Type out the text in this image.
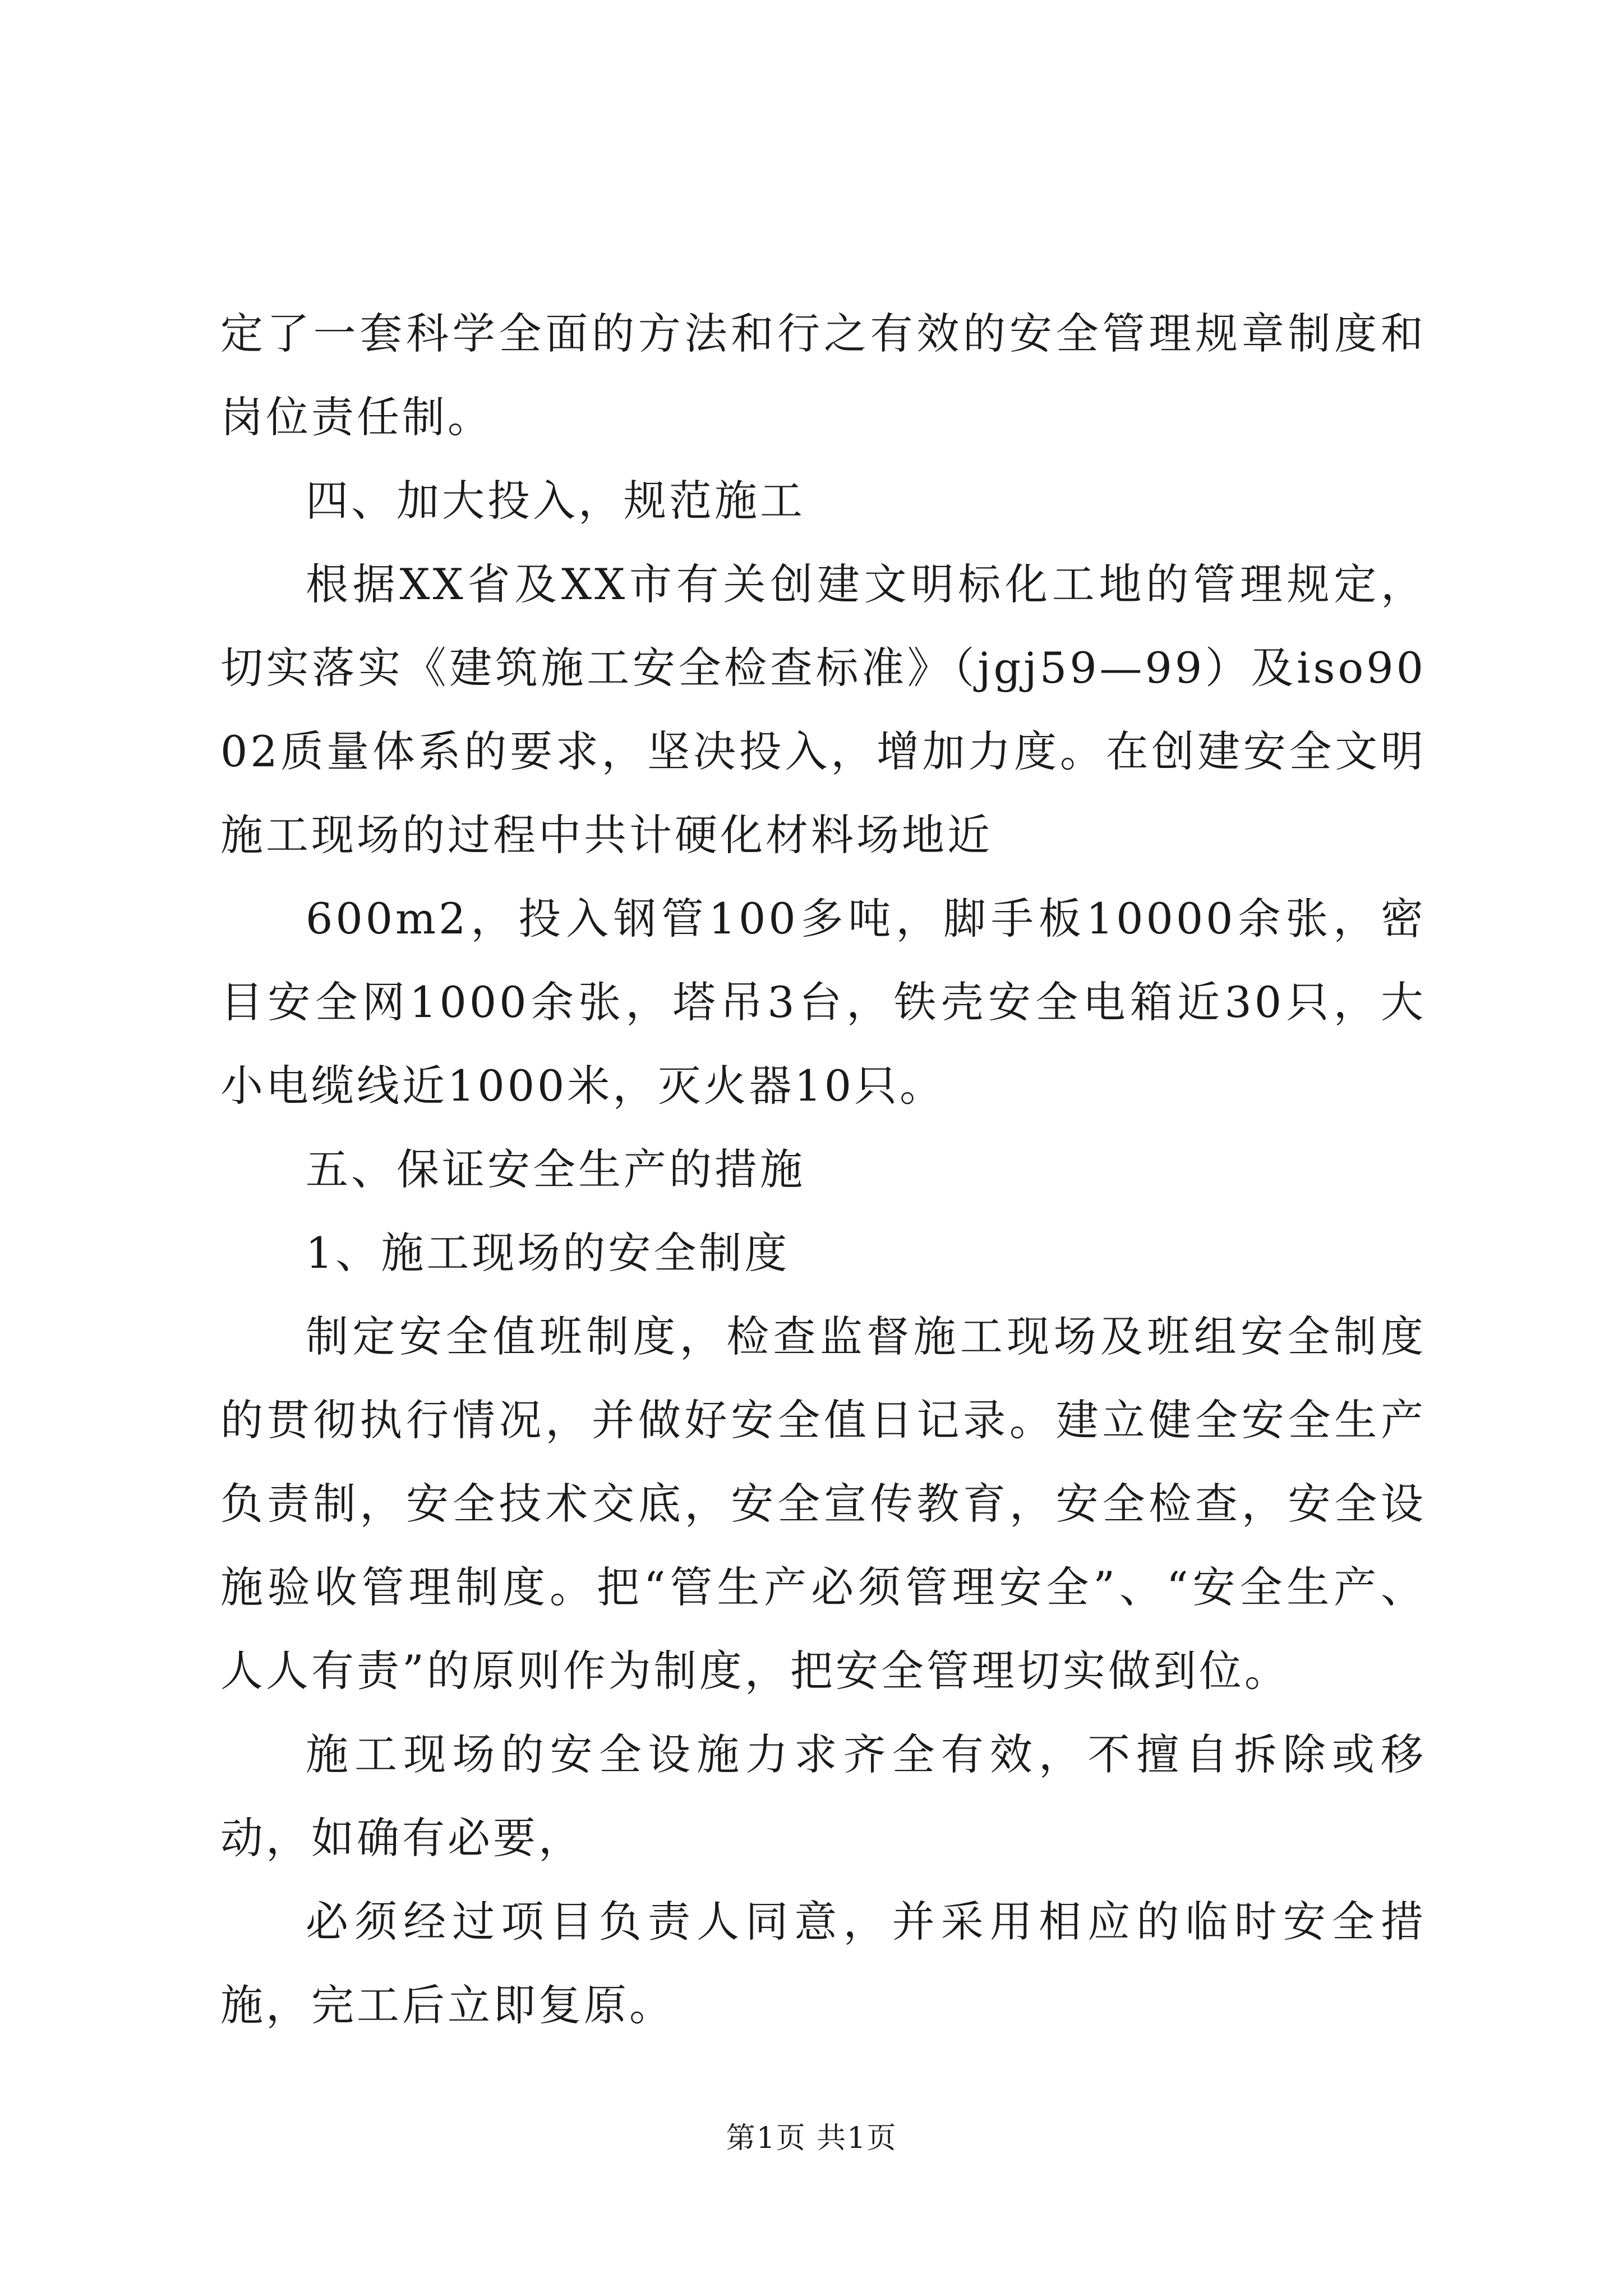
定了一套科学全面的方法和行之有效的安全管理规章制度和岗位责任制。

四、加大投入，规范施工

根据XX省及XX市有关创建文明标化工地的管理规定，切实落实《建筑施工安全检查标准》（jgj59—99）及iso9002质量体系的要求，坚决投入，增加力度。在创建安全文明施工现场的过程中共计硬化材料场地近

600m2，投入钢管100多吨，脚手板10000余张，密目安全网1000余张，塔吊3台，铁壳安全电箱近30只，大小电缆线近1000米，灭火器10只。

五、保证安全生产的措施

1、施工现场的安全制度

制定安全值班制度，检查监督施工现场及班组安全制度的贯彻执行情况，并做好安全值日记录。建立健全安全生产负责制，安全技术交底，安全宣传教育，安全检查，安全设施验收管理制度。把“管生产必须管理安全”、“安全生产、人人有责”的原则作为制度，把安全管理切实做到位。

施工现场的安全设施力求齐全有效，不擅自拆除或移动，如确有必要，

必须经过项目负责人同意，并采用相应的临时安全措施，完工后立即复原。

第1页 共1页
